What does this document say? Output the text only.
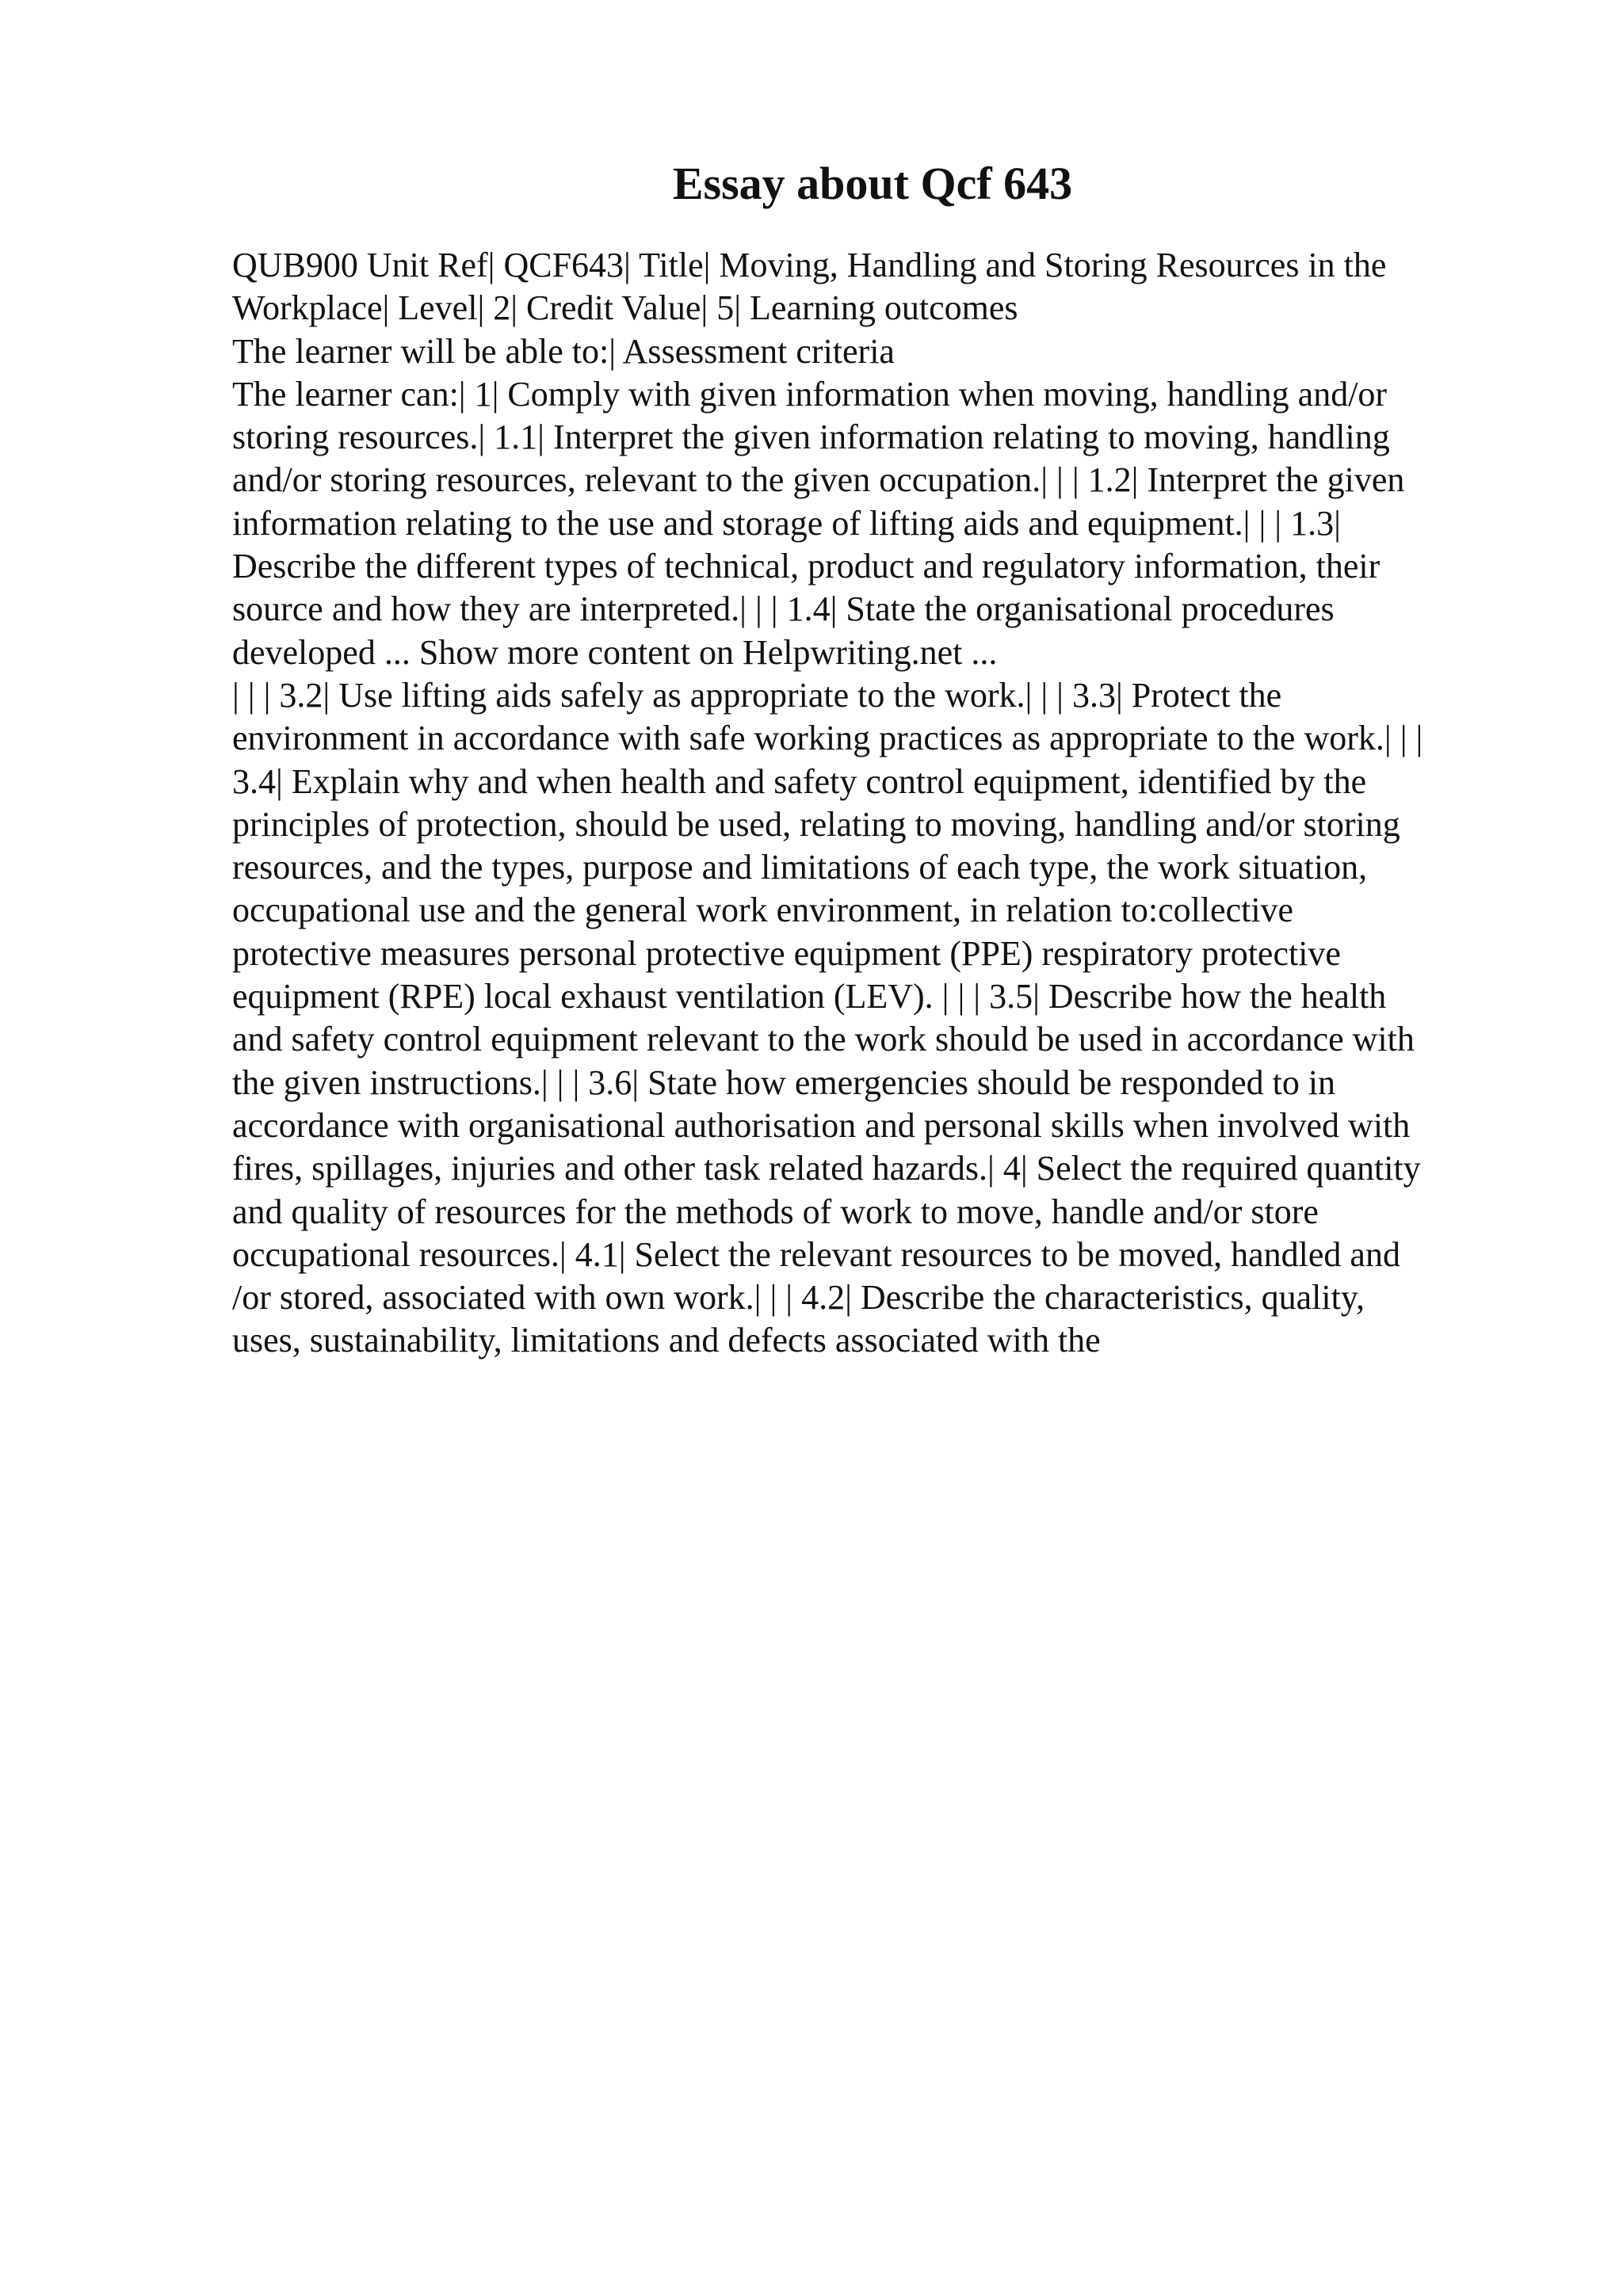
Essay about Qcf 643
QUB900 Unit Ref| QCF643| Title| Moving, Handling and Storing Resources in the
Workplace| Level| 2| Credit Value| 5| Learning outcomes
The learner will be able to:| Assessment criteria
The learner can:| 1| Comply with given information when moving, handling and/or
storing resources.| 1.1| Interpret the given information relating to moving, handling
and/or storing resources, relevant to the given occupation.| | | 1.2| Interpret the given
information relating to the use and storage of lifting aids and equipment.| | | 1.3|
Describe the different types of technical, product and regulatory information, their
source and how they are interpreted.| | | 1.4| State the organisational procedures
developed ... Show more content on Helpwriting.net ...
| | | 3.2| Use lifting aids safely as appropriate to the work.| | | 3.3| Protect the
environment in accordance with safe working practices as appropriate to the work.| | |
3.4| Explain why and when health and safety control equipment, identified by the
principles of protection, should be used, relating to moving, handling and/or storing
resources, and the types, purpose and limitations of each type, the work situation,
occupational use and the general work environment, in relation to:collective
protective measures personal protective equipment (PPE) respiratory protective
equipment (RPE) local exhaust ventilation (LEV). | | | 3.5| Describe how the health
and safety control equipment relevant to the work should be used in accordance with
the given instructions.| | | 3.6| State how emergencies should be responded to in
accordance with organisational authorisation and personal skills when involved with
fires, spillages, injuries and other task related hazards.| 4| Select the required quantity
and quality of resources for the methods of work to move, handle and/or store
occupational resources.| 4.1| Select the relevant resources to be moved, handled and
/or stored, associated with own work.| | | 4.2| Describe the characteristics, quality,
uses, sustainability, limitations and defects associated with the
